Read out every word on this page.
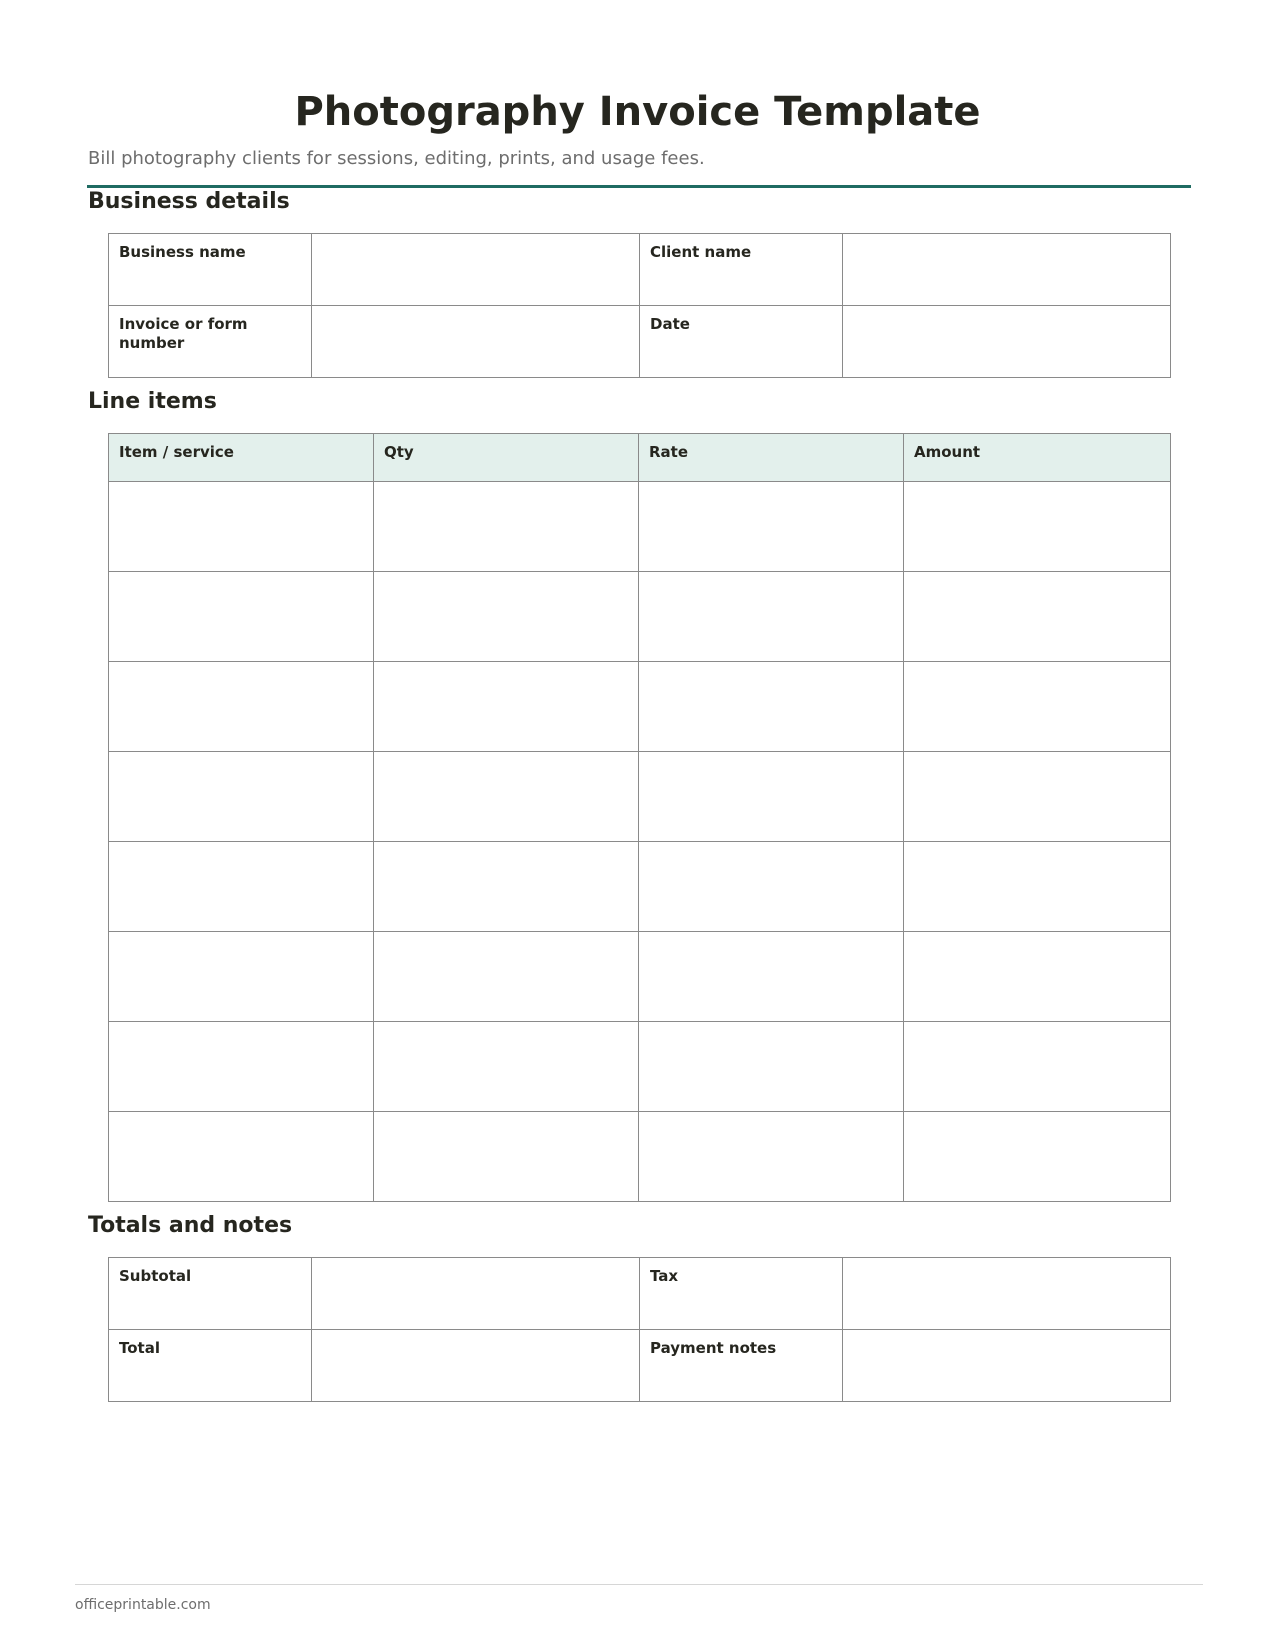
Photography Invoice Template

Bill photography clients for sessions, editing, prints, and usage fees.

Business details
Business name		Client name	
Invoice or form number		Date	
Line items
Item / service	Qty	Rate	Amount

Totals and notes
Subtotal		Tax	
Total		Payment notes	

officeprintable.com
